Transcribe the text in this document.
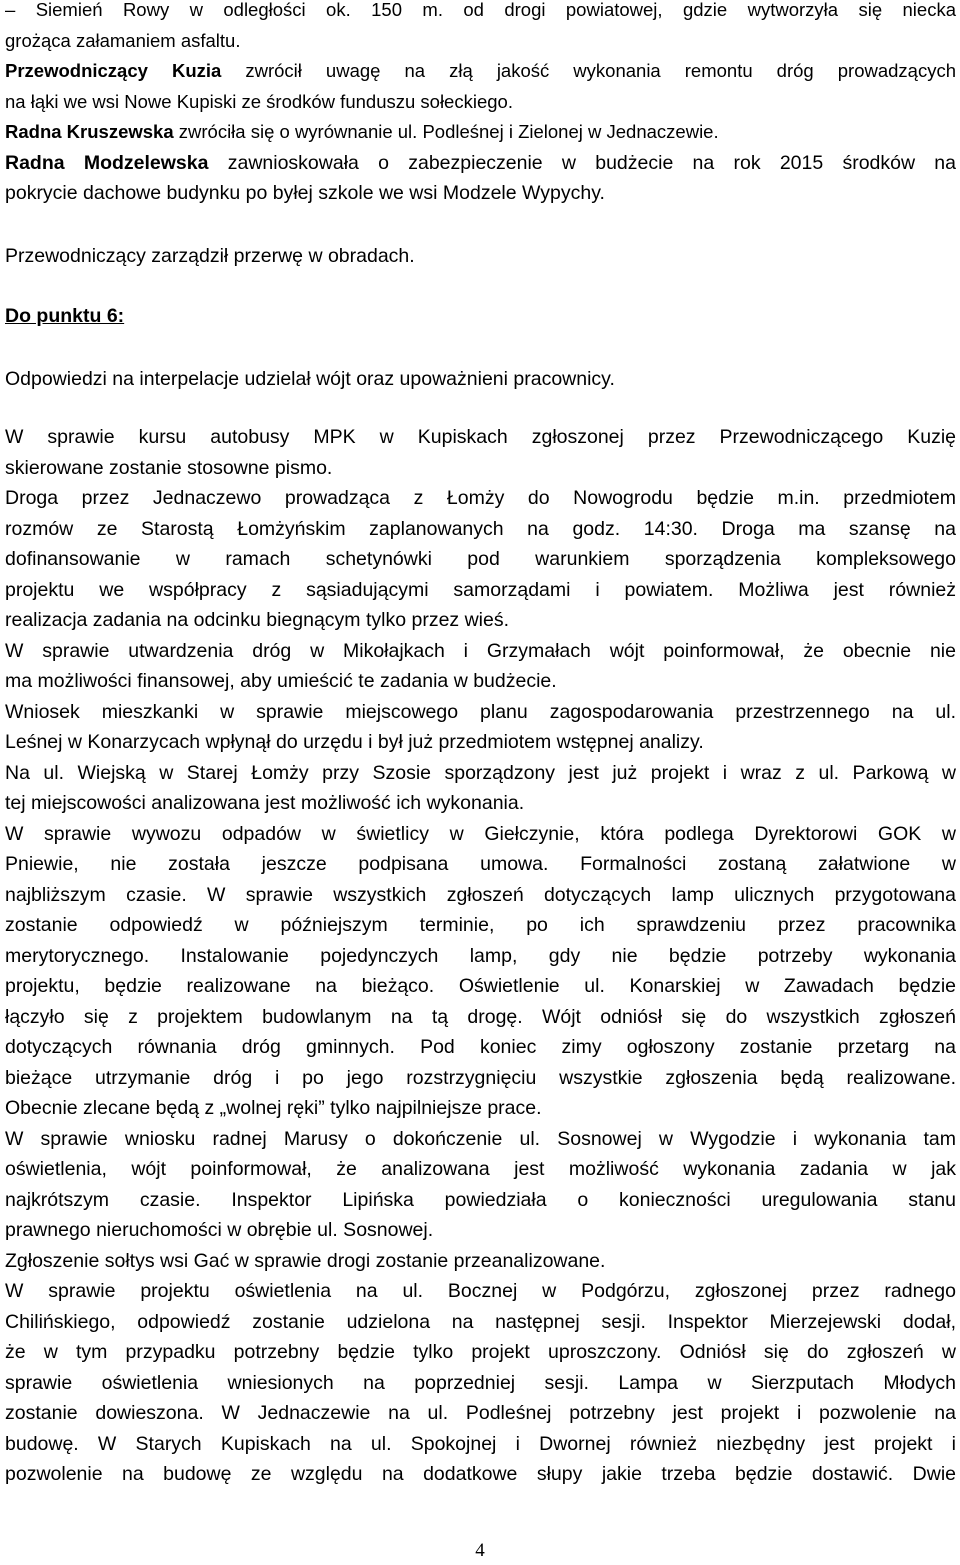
– Siemień Rowy w odległości ok. 150 m. od drogi powiatowej, gdzie wytworzyła się niecka
grożąca załamaniem asfaltu.
Przewodniczący Kuzia zwrócił uwagę na złą jakość wykonania remontu dróg prowadzących
na łąki we wsi Nowe Kupiski ze środków funduszu sołeckiego.
Radna Kruszewska zwróciła się o wyrównanie ul. Podleśnej i Zielonej w Jednaczewie.
Radna Modzelewska zawnioskowała o zabezpieczenie w budżecie na rok 2015 środków na
pokrycie dachowe budynku po byłej szkole we wsi Modzele Wypychy.
Przewodniczący zarządził przerwę w obradach.
Do punktu 6:
Odpowiedzi na interpelacje udzielał wójt oraz upoważnieni pracownicy.
W sprawie kursu autobusy MPK w Kupiskach zgłoszonej przez Przewodniczącego Kuzię
skierowane zostanie stosowne pismo.
Droga przez Jednaczewo prowadząca z Łomży do Nowogrodu będzie m.in. przedmiotem
rozmów ze Starostą Łomżyńskim zaplanowanych na godz. 14:30. Droga ma szansę na
dofinansowanie w ramach schetynówki pod warunkiem sporządzenia kompleksowego
projektu we współpracy z sąsiadującymi samorządami i powiatem. Możliwa jest również
realizacja zadania na odcinku biegnącym tylko przez wieś.
W sprawie utwardzenia dróg w Mikołajkach i Grzymałach wójt poinformował, że obecnie nie
ma możliwości finansowej, aby umieścić te zadania w budżecie.
Wniosek mieszkanki w sprawie miejscowego planu zagospodarowania przestrzennego na ul.
Leśnej w Konarzycach wpłynął do urzędu i był już przedmiotem wstępnej analizy.
Na ul. Wiejską w Starej Łomży przy Szosie sporządzony jest już projekt i wraz z ul. Parkową w
tej miejscowości analizowana jest możliwość ich wykonania.
W sprawie wywozu odpadów w świetlicy w Giełczynie, która podlega Dyrektorowi GOK w
Pniewie, nie została jeszcze podpisana umowa. Formalności zostaną załatwione w
najbliższym czasie. W sprawie wszystkich zgłoszeń dotyczących lamp ulicznych przygotowana
zostanie odpowiedź w późniejszym terminie, po ich sprawdzeniu przez pracownika
merytorycznego. Instalowanie pojedynczych lamp, gdy nie będzie potrzeby wykonania
projektu, będzie realizowane na bieżąco. Oświetlenie ul. Konarskiej w Zawadach będzie
łączyło się z projektem budowlanym na tą drogę. Wójt odniósł się do wszystkich zgłoszeń
dotyczących równania dróg gminnych. Pod koniec zimy ogłoszony zostanie przetarg na
bieżące utrzymanie dróg i po jego rozstrzygnięciu wszystkie zgłoszenia będą realizowane.
Obecnie zlecane będą z „wolnej ręki” tylko najpilniejsze prace.
W sprawie wniosku radnej Marusy o dokończenie ul. Sosnowej w Wygodzie i wykonania tam
oświetlenia, wójt poinformował, że analizowana jest możliwość wykonania zadania w jak
najkrótszym czasie. Inspektor Lipińska powiedziała o konieczności uregulowania stanu
prawnego nieruchomości w obrębie ul. Sosnowej.
Zgłoszenie sołtys wsi Gać w sprawie drogi zostanie przeanalizowane.
W sprawie projektu oświetlenia na ul. Bocznej w Podgórzu, zgłoszonej przez radnego
Chilińskiego, odpowiedź zostanie udzielona na następnej sesji. Inspektor Mierzejewski dodał,
że w tym przypadku potrzebny będzie tylko projekt uproszczony. Odniósł się do zgłoszeń w
sprawie oświetlenia wniesionych na poprzedniej sesji. Lampa w Sierzputach Młodych
zostanie dowieszona. W Jednaczewie na ul. Podleśnej potrzebny jest projekt i pozwolenie na
budowę. W Starych Kupiskach na ul. Spokojnej i Dwornej również niezbędny jest projekt i
pozwolenie na budowę ze względu na dodatkowe słupy jakie trzeba będzie dostawić. Dwie
4
